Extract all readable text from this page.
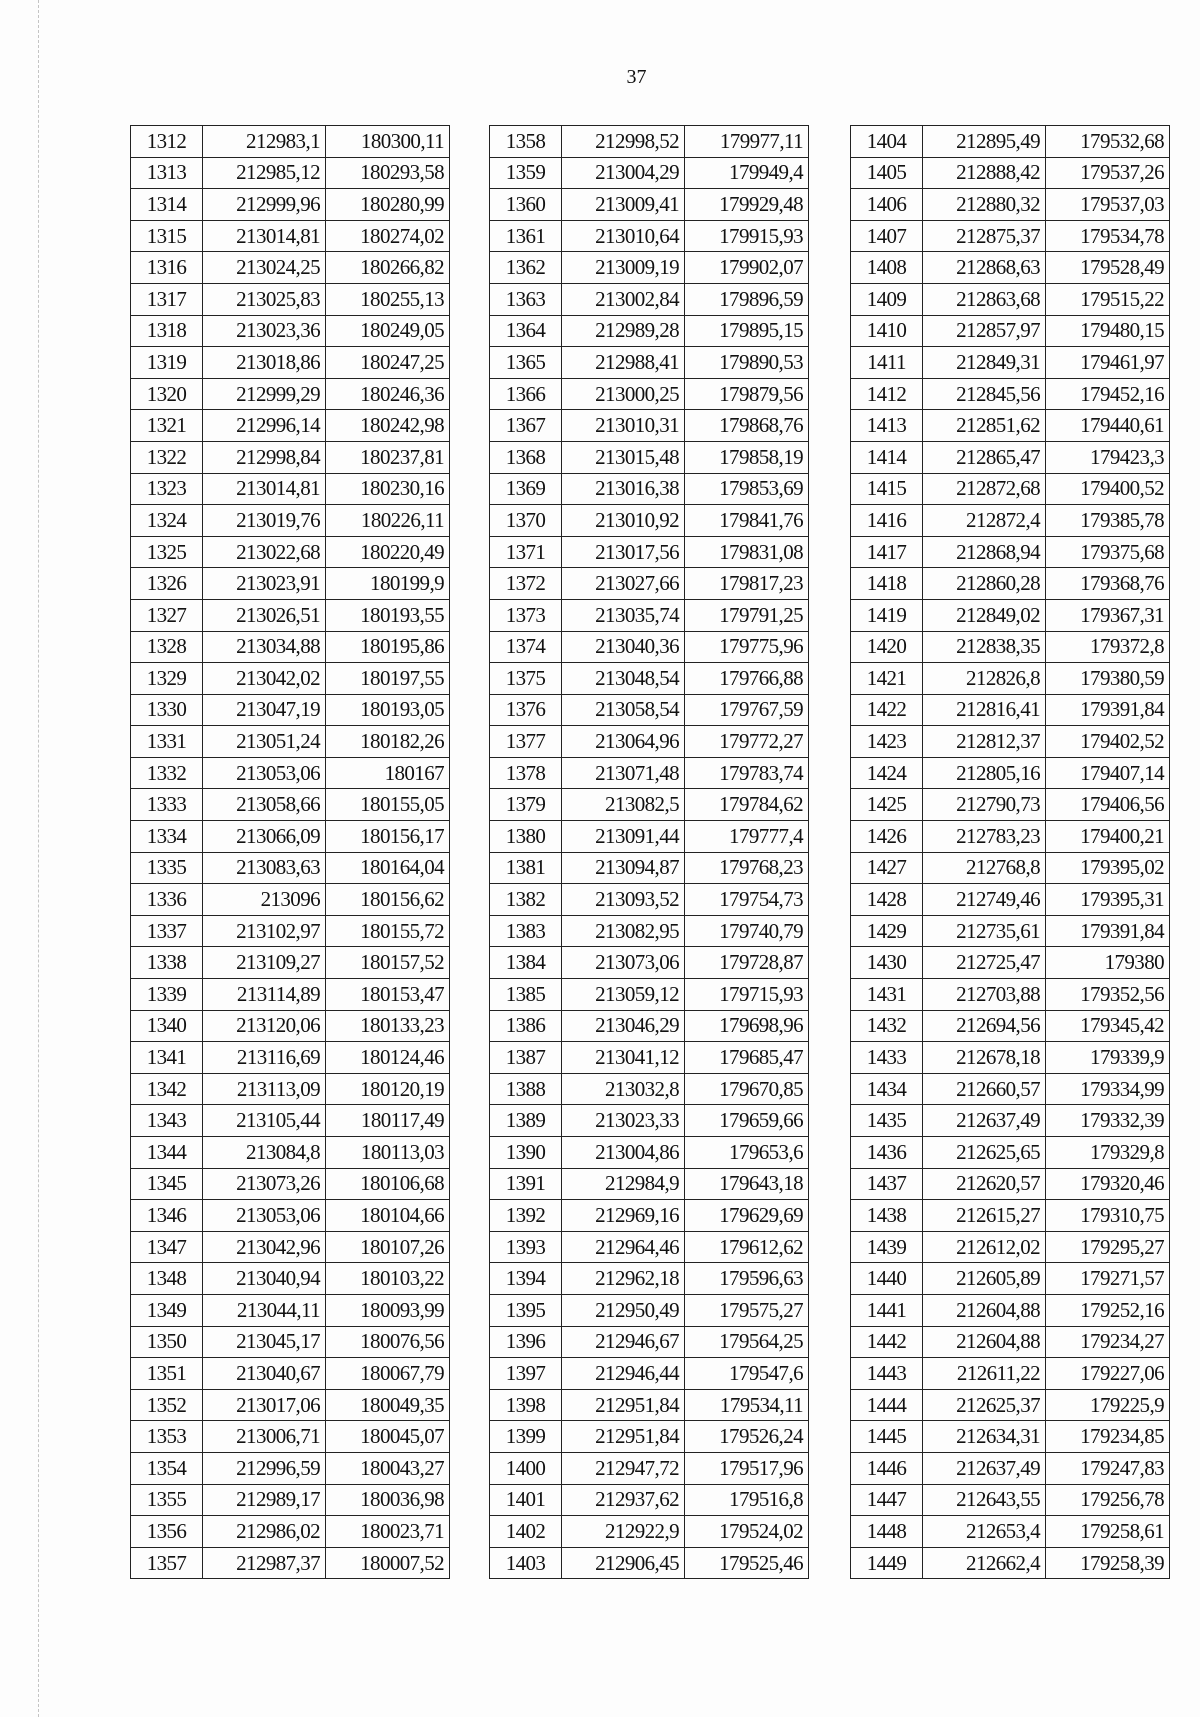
37
1312	212983,1	180300,11
1313	212985,12	180293,58
1314	212999,96	180280,99
1315	213014,81	180274,02
1316	213024,25	180266,82
1317	213025,83	180255,13
1318	213023,36	180249,05
1319	213018,86	180247,25
1320	212999,29	180246,36
1321	212996,14	180242,98
1322	212998,84	180237,81
1323	213014,81	180230,16
1324	213019,76	180226,11
1325	213022,68	180220,49
1326	213023,91	180199,9
1327	213026,51	180193,55
1328	213034,88	180195,86
1329	213042,02	180197,55
1330	213047,19	180193,05
1331	213051,24	180182,26
1332	213053,06	180167
1333	213058,66	180155,05
1334	213066,09	180156,17
1335	213083,63	180164,04
1336	213096	180156,62
1337	213102,97	180155,72
1338	213109,27	180157,52
1339	213114,89	180153,47
1340	213120,06	180133,23
1341	213116,69	180124,46
1342	213113,09	180120,19
1343	213105,44	180117,49
1344	213084,8	180113,03
1345	213073,26	180106,68
1346	213053,06	180104,66
1347	213042,96	180107,26
1348	213040,94	180103,22
1349	213044,11	180093,99
1350	213045,17	180076,56
1351	213040,67	180067,79
1352	213017,06	180049,35
1353	213006,71	180045,07
1354	212996,59	180043,27
1355	212989,17	180036,98
1356	212986,02	180023,71
1357	212987,37	180007,52
1358	212998,52	179977,11
1359	213004,29	179949,4
1360	213009,41	179929,48
1361	213010,64	179915,93
1362	213009,19	179902,07
1363	213002,84	179896,59
1364	212989,28	179895,15
1365	212988,41	179890,53
1366	213000,25	179879,56
1367	213010,31	179868,76
1368	213015,48	179858,19
1369	213016,38	179853,69
1370	213010,92	179841,76
1371	213017,56	179831,08
1372	213027,66	179817,23
1373	213035,74	179791,25
1374	213040,36	179775,96
1375	213048,54	179766,88
1376	213058,54	179767,59
1377	213064,96	179772,27
1378	213071,48	179783,74
1379	213082,5	179784,62
1380	213091,44	179777,4
1381	213094,87	179768,23
1382	213093,52	179754,73
1383	213082,95	179740,79
1384	213073,06	179728,87
1385	213059,12	179715,93
1386	213046,29	179698,96
1387	213041,12	179685,47
1388	213032,8	179670,85
1389	213023,33	179659,66
1390	213004,86	179653,6
1391	212984,9	179643,18
1392	212969,16	179629,69
1393	212964,46	179612,62
1394	212962,18	179596,63
1395	212950,49	179575,27
1396	212946,67	179564,25
1397	212946,44	179547,6
1398	212951,84	179534,11
1399	212951,84	179526,24
1400	212947,72	179517,96
1401	212937,62	179516,8
1402	212922,9	179524,02
1403	212906,45	179525,46
1404	212895,49	179532,68
1405	212888,42	179537,26
1406	212880,32	179537,03
1407	212875,37	179534,78
1408	212868,63	179528,49
1409	212863,68	179515,22
1410	212857,97	179480,15
1411	212849,31	179461,97
1412	212845,56	179452,16
1413	212851,62	179440,61
1414	212865,47	179423,3
1415	212872,68	179400,52
1416	212872,4	179385,78
1417	212868,94	179375,68
1418	212860,28	179368,76
1419	212849,02	179367,31
1420	212838,35	179372,8
1421	212826,8	179380,59
1422	212816,41	179391,84
1423	212812,37	179402,52
1424	212805,16	179407,14
1425	212790,73	179406,56
1426	212783,23	179400,21
1427	212768,8	179395,02
1428	212749,46	179395,31
1429	212735,61	179391,84
1430	212725,47	179380
1431	212703,88	179352,56
1432	212694,56	179345,42
1433	212678,18	179339,9
1434	212660,57	179334,99
1435	212637,49	179332,39
1436	212625,65	179329,8
1437	212620,57	179320,46
1438	212615,27	179310,75
1439	212612,02	179295,27
1440	212605,89	179271,57
1441	212604,88	179252,16
1442	212604,88	179234,27
1443	212611,22	179227,06
1444	212625,37	179225,9
1445	212634,31	179234,85
1446	212637,49	179247,83
1447	212643,55	179256,78
1448	212653,4	179258,61
1449	212662,4	179258,39
